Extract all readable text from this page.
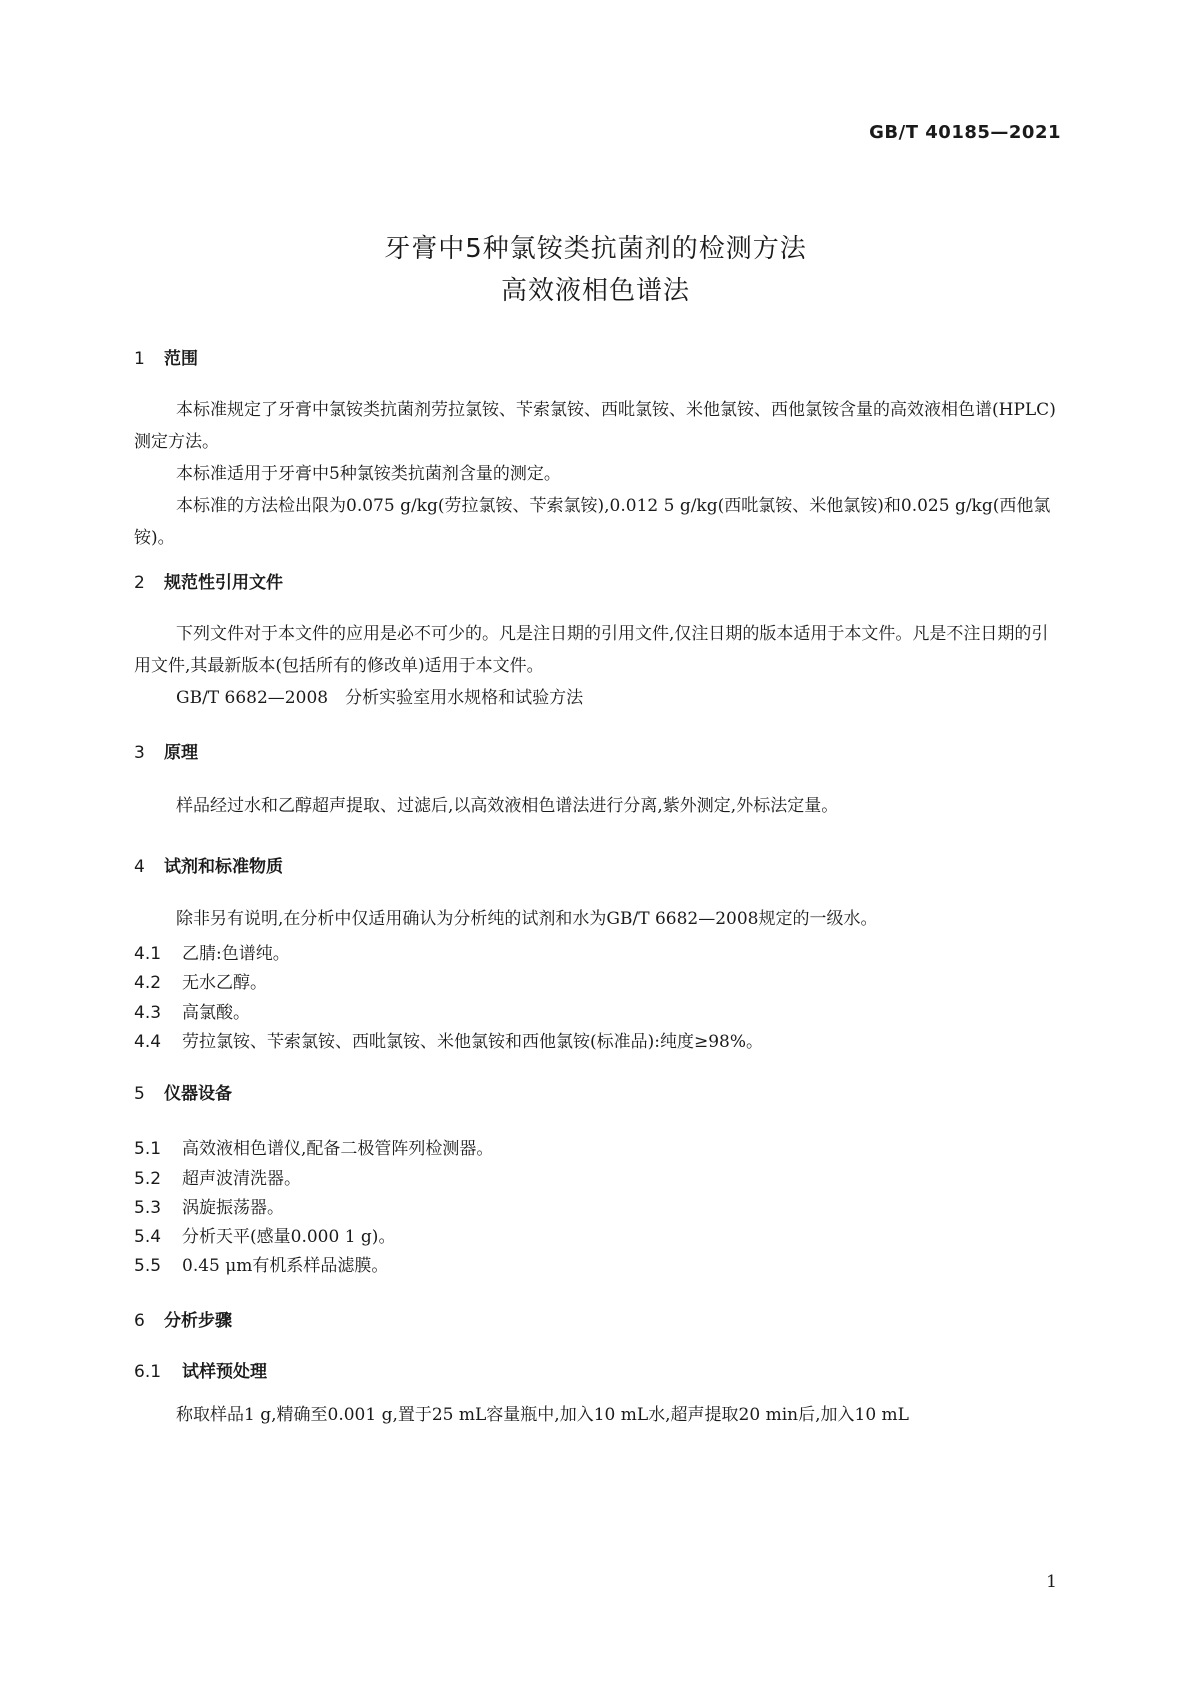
GB/T 40185—2021
牙膏中5种氯铵类抗菌剂的检测方法
高效液相色谱法
1 范围
本标准规定了牙膏中氯铵类抗菌剂劳拉氯铵、苄索氯铵、西吡氯铵、米他氯铵、西他氯铵含量的高效液相色谱(HPLC)测定方法。
本标准适用于牙膏中5种氯铵类抗菌剂含量的测定。
本标准的方法检出限为0.075 g/kg(劳拉氯铵、苄索氯铵),0.012 5 g/kg(西吡氯铵、米他氯铵)和0.025 g/kg(西他氯铵)。
2 规范性引用文件
下列文件对于本文件的应用是必不可少的。凡是注日期的引用文件,仅注日期的版本适用于本文件。凡是不注日期的引用文件,其最新版本(包括所有的修改单)适用于本文件。
GB/T 6682—2008　分析实验室用水规格和试验方法
3 原理
样品经过水和乙醇超声提取、过滤后,以高效液相色谱法进行分离,紫外测定,外标法定量。
4 试剂和标准物质
除非另有说明,在分析中仅适用确认为分析纯的试剂和水为GB/T 6682—2008规定的一级水。
4.1 乙腈:色谱纯。
4.2 无水乙醇。
4.3 高氯酸。
4.4 劳拉氯铵、苄索氯铵、西吡氯铵、米他氯铵和西他氯铵(标准品):纯度≥98%。
5 仪器设备
5.1 高效液相色谱仪,配备二极管阵列检测器。
5.2 超声波清洗器。
5.3 涡旋振荡器。
5.4 分析天平(感量0.000 1 g)。
5.5 0.45 μm有机系样品滤膜。
6 分析步骤
6.1 试样预处理
称取样品1 g,精确至0.001 g,置于25 mL容量瓶中,加入10 mL水,超声提取20 min后,加入10 mL
1
